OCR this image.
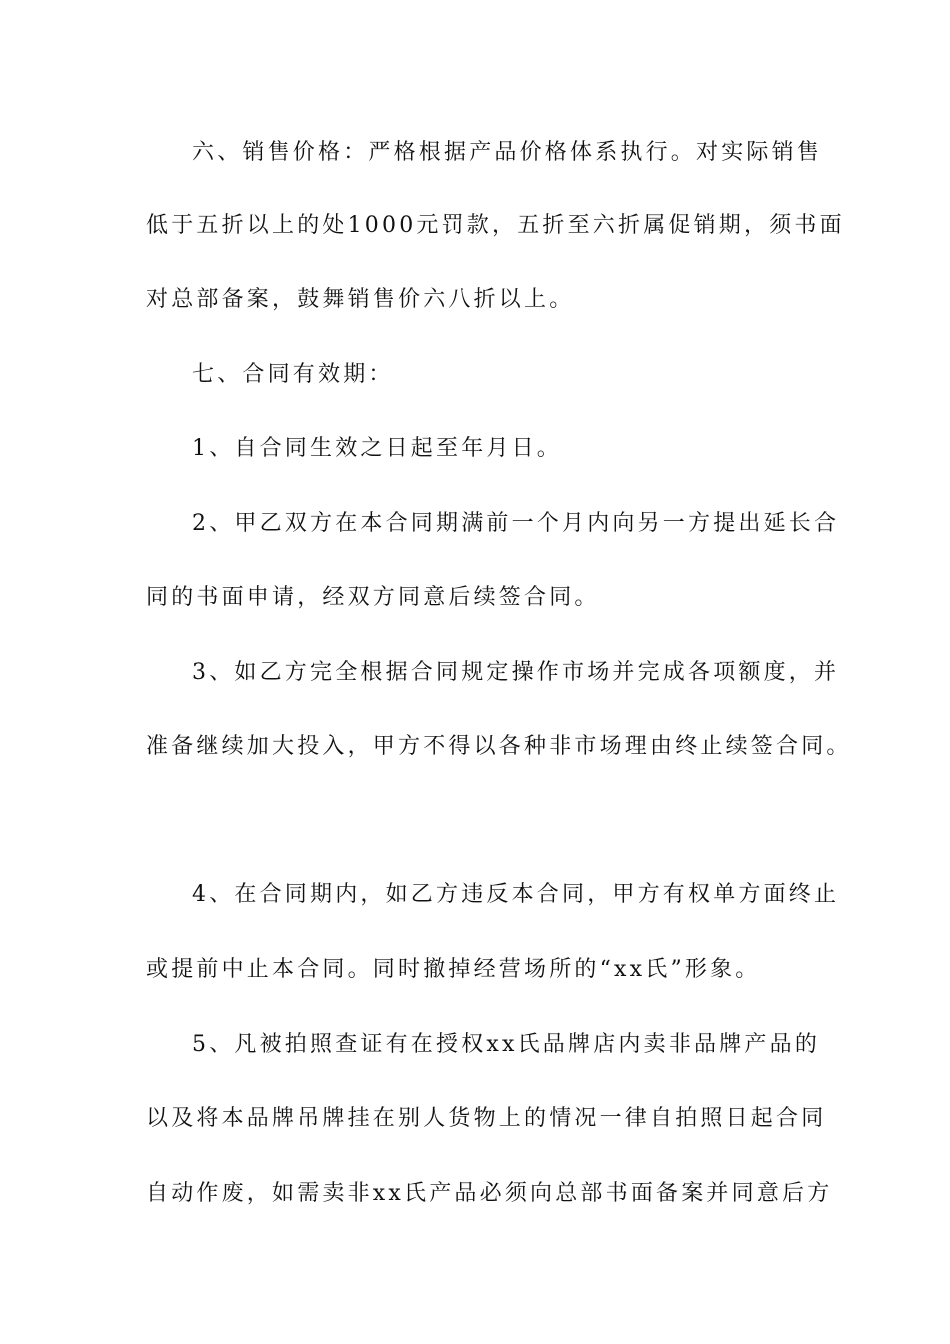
六、销售价格：严格根据产品价格体系执行。对实际销售
低于五折以上的处1000元罚款，五折至六折属促销期，须书面
对总部备案，鼓舞销售价六八折以上。
七、合同有效期：
1、自合同生效之日起至年月日。
2、甲乙双方在本合同期满前一个月内向另一方提出延长合
同的书面申请，经双方同意后续签合同。
3、如乙方完全根据合同规定操作市场并完成各项额度，并
准备继续加大投入，甲方不得以各种非市场理由终止续签合同。
4、在合同期内，如乙方违反本合同，甲方有权单方面终止
或提前中止本合同。同时撤掉经营场所的“xx氏”形象。
5、凡被拍照查证有在授权xx氏品牌店内卖非品牌产品的
以及将本品牌吊牌挂在别人货物上的情况一律自拍照日起合同
自动作废，如需卖非xx氏产品必须向总部书面备案并同意后方
